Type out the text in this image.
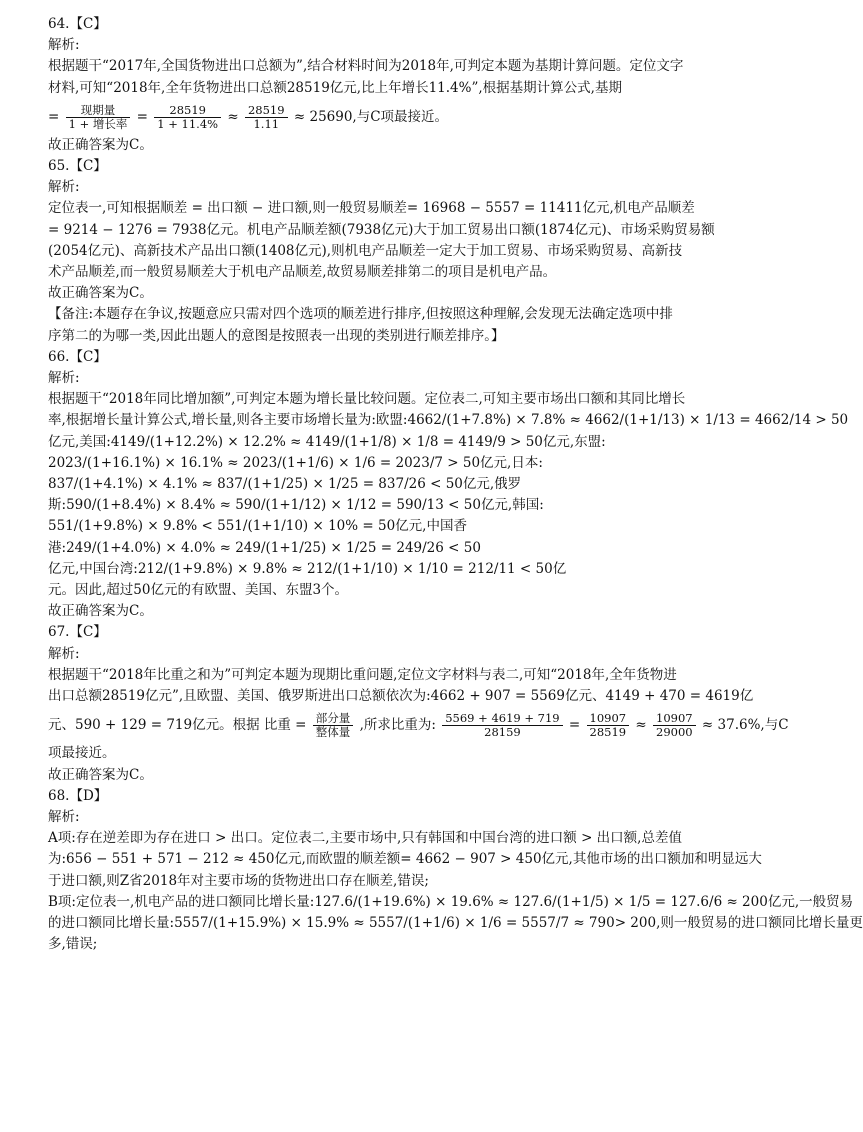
64.【C】
解析:
根据题干“2017年,全国货物进出口总额为”,结合材料时间为2018年,可判定本题为基期计算问题。定位文字
材料,可知“2018年,全年货物进出口总额28519亿元,比上年增长11.4%”,根据基期计算公式,基期
= $\frac{\text{现期量}}{\text{1 + 增长率}} = \frac{28519}{1 + 11.4\%} \approx \frac{28519}{1.11} \approx 25690$,与C项最接近。
故正确答案为C。
65.【C】
解析:
定位表一,可知根据顺差 = 出口额 − 进口额,则一般贸易顺差= 16968 − 5557 = 11411亿元,机电产品顺差
= 9214 − 1276 = 7938亿元。机电产品顺差额(7938亿元)大于加工贸易出口额(1874亿元)、市场采购贸易额
(2054亿元)、高新技术产品出口额(1408亿元),则机电产品顺差一定大于加工贸易、市场采购贸易、高新技
术产品顺差,而一般贸易顺差大于机电产品顺差,故贸易顺差排第二的项目是机电产品。
故正确答案为C。
【备注:本题存在争议,按题意应只需对四个选项的顺差进行排序,但按照这种理解,会发现无法确定选项中排
序第二的为哪一类,因此出题人的意图是按照表一出现的类别进行顺差排序。】
66.【C】
解析:
根据题干“2018年同比增加额”,可判定本题为增长量比较问题。定位表二,可知主要市场出口额和其同比增长
率,根据增长量计算公式,增长量,则各主要市场增长量为:欧盟:4662/(1+7.8%) × 7.8% ≈ 4662/(1+1/13) × 1/13 = 4662/14 > 50
亿元,美国:4149/(1+12.2%) × 12.2% ≈ 4149/(1+1/8) × 1/8 = 4149/9 > 50亿元,东盟:
2023/(1+16.1%) × 16.1% ≈ 2023/(1+1/6) × 1/6 = 2023/7 > 50亿元,日本:
837/(1+4.1%) × 4.1% ≈ 837/(1+1/25) × 1/25 = 837/26 < 50亿元,俄罗
斯:590/(1+8.4%) × 8.4% ≈ 590/(1+1/12) × 1/12 = 590/13 < 50亿元,韩国:
551/(1+9.8%) × 9.8% < 551/(1+1/10) × 10% = 50亿元,中国香
港:249/(1+4.0%) × 4.0% ≈ 249/(1+1/25) × 1/25 = 249/26 < 50
亿元,中国台湾:212/(1+9.8%) × 9.8% ≈ 212/(1+1/10) × 1/10 = 212/11 < 50亿
元。因此,超过50亿元的有欧盟、美国、东盟3个。
故正确答案为C。
67.【C】
解析:
根据题干“2018年比重之和为”可判定本题为现期比重问题,定位文字材料与表二,可知“2018年,全年货物进
出口总额28519亿元”,且欧盟、美国、俄罗斯进出口总额依次为:4662 + 907 = 5569亿元、4149 + 470 = 4619亿
元、590 + 129 = 719亿元。根据 比重 = $\frac{\text{部分量}}{\text{整体量}}$ ,所求比重为: $\frac{5569 + 4619 + 719}{28159} = \frac{10907}{28519} \approx \frac{10907}{29000} \approx 37.6\%$,与C
项最接近。
故正确答案为C。
68.【D】
解析:
A项:存在逆差即为存在进口 > 出口。定位表二,主要市场中,只有韩国和中国台湾的进口额 > 出口额,总差值
为:656 − 551 + 571 − 212 ≈ 450亿元,而欧盟的顺差额= 4662 − 907 > 450亿元,其他市场的出口额加和明显远大
于进口额,则Z省2018年对主要市场的货物进出口存在顺差,错误;
B项:定位表一,机电产品的进口额同比增长量:127.6/(1+19.6%) × 19.6% ≈ 127.6/(1+1/5) × 1/5 = 127.6/6 ≈ 200亿元,一般贸易
的进口额同比增长量:5557/(1+15.9%) × 15.9% ≈ 5557/(1+1/6) × 1/6 = 5557/7 ≈ 790> 200,则一般贸易的进口额同比增长量更
多,错误;
